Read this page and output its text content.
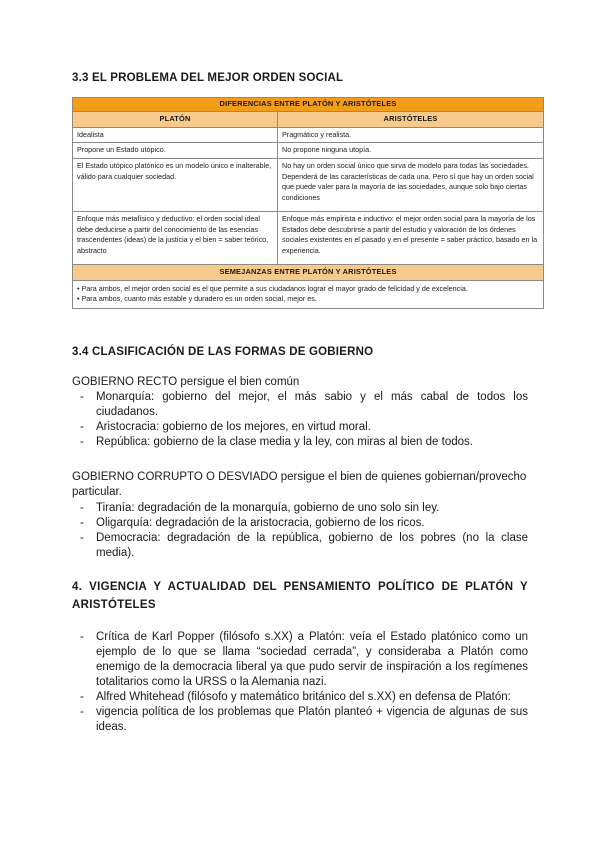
3.3 EL PROBLEMA DEL MEJOR ORDEN SOCIAL
DIFERENCIAS ENTRE PLATÓN Y ARISTÓTELES	
PLATÓN	ARISTÓTELES
Idealista	Pragmático y realista.
Propone un Estado utópico.	No propone ninguna utopía.
El Estado utópico platónico es un modelo único e inalterable, válido para cualquier sociedad.	No hay un orden social único que sirva de modelo para todas las sociedades. Dependerá de las características de cada una. Pero sí que hay un orden social que puede valer para la mayoría de las sociedades, aunque solo bajo ciertas condiciones
Enfoque más metafísico y deductivo: el orden social ideal debe deducirse a partir del conocimiento de las esencias trascendentes (ideas) de la justicia y el bien = saber teórico, abstracto	Enfoque más empirista e inductivo: el mejor orden social para la mayoría de los Estados debe descubrirse a partir del estudio y valoración de los órdenes sociales existentes en el pasado y en el presente = saber práctico, basado en la experiencia.
SEMEJANZAS ENTRE PLATÓN Y ARISTÓTELES	

• Para ambos, el mejor orden social es el que permite a sus ciudadanos lograr el mayor grado de felicidad y de excelencia.
• Para ambos, cuanto más estable y duradero es un orden social, mejor es.	
3.4 CLASIFICACIÓN DE LAS FORMAS DE GOBIERNO

GOBIERNO RECTO persigue el bien común

- Monarquía: gobierno del mejor, el más sabio y el más cabal de todos los ciudadanos.
- Aristocracia: gobierno de los mejores, en virtud moral.
- República: gobierno de la clase media y la ley, con miras al bien de todos.

GOBIERNO CORRUPTO O DESVIADO persigue el bien de quienes gobiernan/provecho particular.

- Tiranía: degradación de la monarquía, gobierno de uno solo sin ley.
- Oligarquía: degradación de la aristocracia, gobierno de los ricos.
- Democracia: degradación de la república, gobierno de los pobres (no la clase media).
4. VIGENCIA Y ACTUALIDAD DEL PENSAMIENTO POLÍTICO DE PLATÓN Y ARISTÓTELES
- Crítica de Karl Popper (filósofo s.XX) a Platón: veía el Estado platónico como un ejemplo de lo que se llama “sociedad cerrada”, y consideraba a Platón como enemigo de la democracia liberal ya que pudo servir de inspiración a los regímenes totalitarios como la URSS o la Alemania nazi.
- Alfred Whitehead (filósofo y matemático británico del s.XX) en defensa de Platón:
- vigencia política de los problemas que Platón planteó + vigencia de algunas de sus ideas.
